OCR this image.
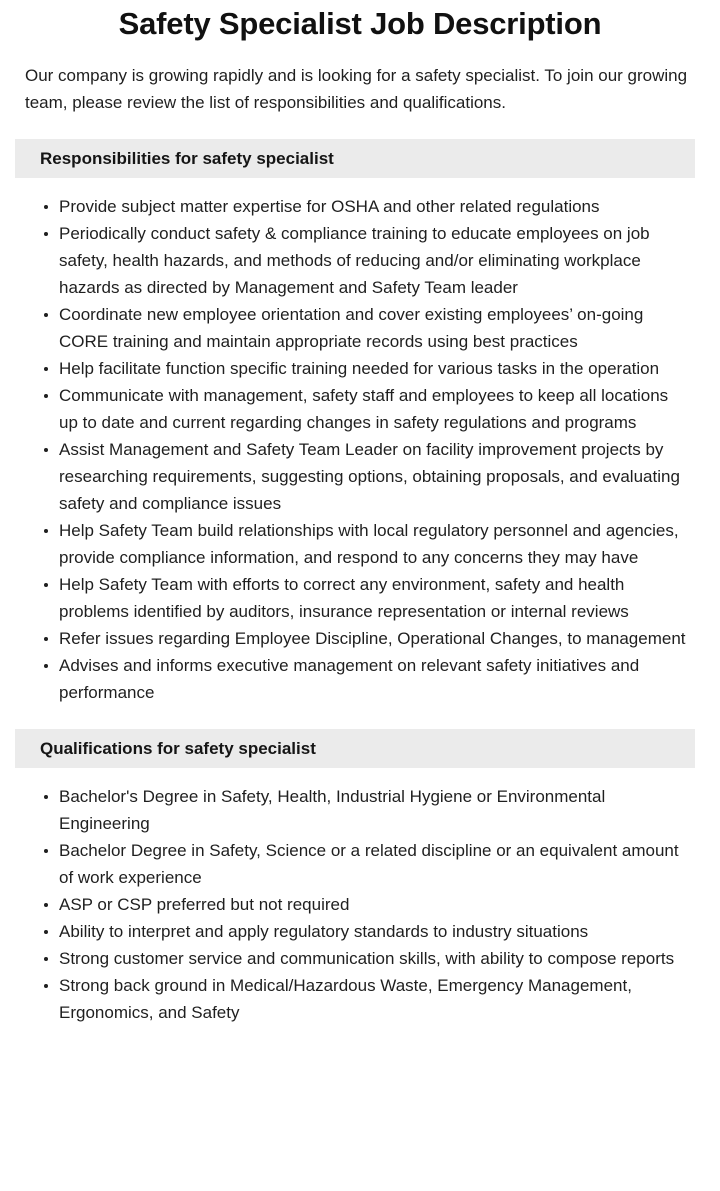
Safety Specialist Job Description

Our company is growing rapidly and is looking for a safety specialist. To join our growing team, please review the list of responsibilities and qualifications.

Responsibilities for safety specialist
Provide subject matter expertise for OSHA and other related regulations
Periodically conduct safety & compliance training to educate employees on job safety, health hazards, and methods of reducing and/or eliminating workplace hazards as directed by Management and Safety Team leader
Coordinate new employee orientation and cover existing employees’ on-going CORE training and maintain appropriate records using best practices
Help facilitate function specific training needed for various tasks in the operation
Communicate with management, safety staff and employees to keep all locations up to date and current regarding changes in safety regulations and programs
Assist Management and Safety Team Leader on facility improvement projects by researching requirements, suggesting options, obtaining proposals, and evaluating safety and compliance issues
Help Safety Team build relationships with local regulatory personnel and agencies, provide compliance information, and respond to any concerns they may have
Help Safety Team with efforts to correct any environment, safety and health problems identified by auditors, insurance representation or internal reviews
Refer issues regarding Employee Discipline, Operational Changes, to management
Advises and informs executive management on relevant safety initiatives and performance
Qualifications for safety specialist
Bachelor's Degree in Safety, Health, Industrial Hygiene or Environmental Engineering
Bachelor Degree in Safety, Science or a related discipline or an equivalent amount of work experience
ASP or CSP preferred but not required
Ability to interpret and apply regulatory standards to industry situations
Strong customer service and communication skills, with ability to compose reports
Strong back ground in Medical/Hazardous Waste, Emergency Management, Ergonomics, and Safety
